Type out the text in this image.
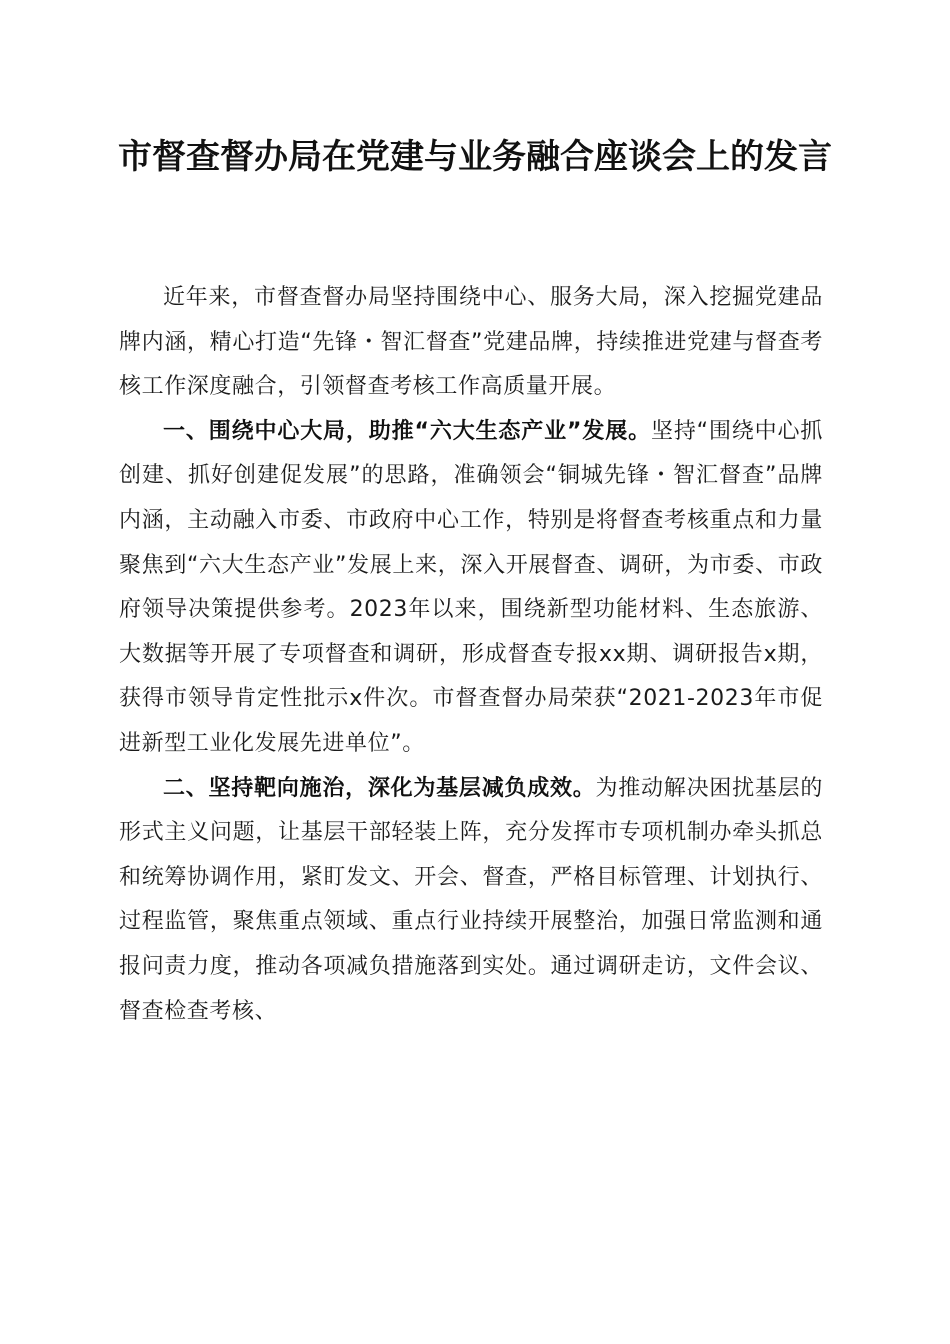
市督查督办局在党建与业务融合座谈会上的发言

近年来，市督查督办局坚持围绕中心、服务大局，深入挖掘党建品牌内涵，精心打造“先锋・智汇督查”党建品牌，持续推进党建与督查考核工作深度融合，引领督查考核工作高质量开展。

一、围绕中心大局，助推“六大生态产业”发展。坚持“围绕中心抓创建、抓好创建促发展”的思路，准确领会“铜城先锋・智汇督查”品牌内涵，主动融入市委、市政府中心工作，特别是将督查考核重点和力量聚焦到“六大生态产业”发展上来，深入开展督查、调研，为市委、市政府领导决策提供参考。2023年以来，围绕新型功能材料、生态旅游、大数据等开展了专项督查和调研，形成督查专报xx期、调研报告x期，获得市领导肯定性批示x件次。市督查督办局荣获“2021-2023年市促进新型工业化发展先进单位”。

二、坚持靶向施治，深化为基层减负成效。为推动解决困扰基层的形式主义问题，让基层干部轻装上阵，充分发挥市专项机制办牵头抓总和统筹协调作用，紧盯发文、开会、督查，严格目标管理、计划执行、过程监管，聚焦重点领域、重点行业持续开展整治，加强日常监测和通报问责力度，推动各项减负措施落到实处。通过调研走访，文件会议、督查检查考核、
